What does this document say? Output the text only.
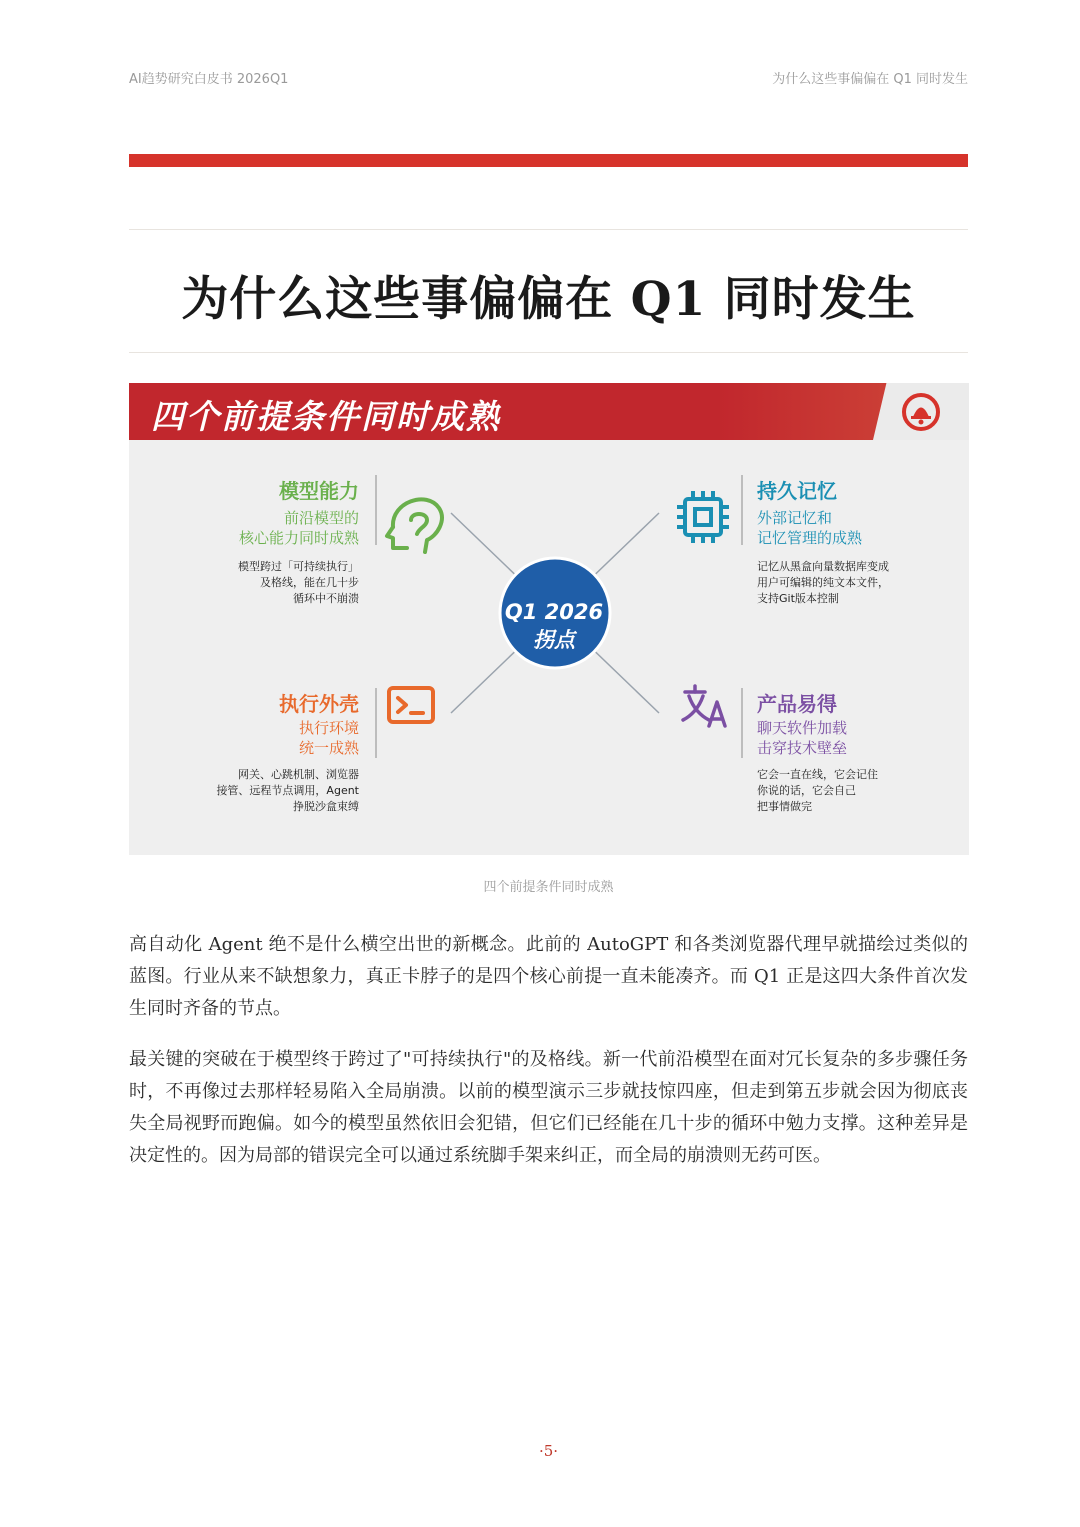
AI趋势研究白皮书 2026Q1	为什么这些事偏偏在 Q1 同时发生
为什么这些事偏偏在 Q1 同时发生
四个前提条件同时成熟
Q1 2026
拐点
模型能力
前沿模型的
核心能力同时成熟
模型跨过「可持续执行」
及格线，能在几十步
循环中不崩溃
持久记忆
外部记忆和
记忆管理的成熟
记忆从黑盒向量数据库变成
用户可编辑的纯文本文件，
支持Git版本控制
执行外壳
执行环境
统一成熟
网关、心跳机制、浏览器
接管、远程节点调用，Agent
挣脱沙盒束缚
产品易得
聊天软件加载
击穿技术壁垒
它会一直在线，它会记住
你说的话，它会自己
把事情做完
四个前提条件同时成熟

高自动化 Agent 绝不是什么横空出世的新概念。此前的 AutoGPT 和各类浏览器代理早就描绘过类似的蓝图。行业从来不缺想象力，真正卡脖子的是四个核心前提一直未能凑齐。而 Q1 正是这四大条件首次发生同时齐备的节点。

最关键的突破在于模型终于跨过了"可持续执行"的及格线。新一代前沿模型在面对冗长复杂的多步骤任务时，不再像过去那样轻易陷入全局崩溃。以前的模型演示三步就技惊四座，但走到第五步就会因为彻底丧失全局视野而跑偏。如今的模型虽然依旧会犯错，但它们已经能在几十步的循环中勉力支撑。这种差异是决定性的。因为局部的错误完全可以通过系统脚手架来纠正，而全局的崩溃则无药可医。

·5·
